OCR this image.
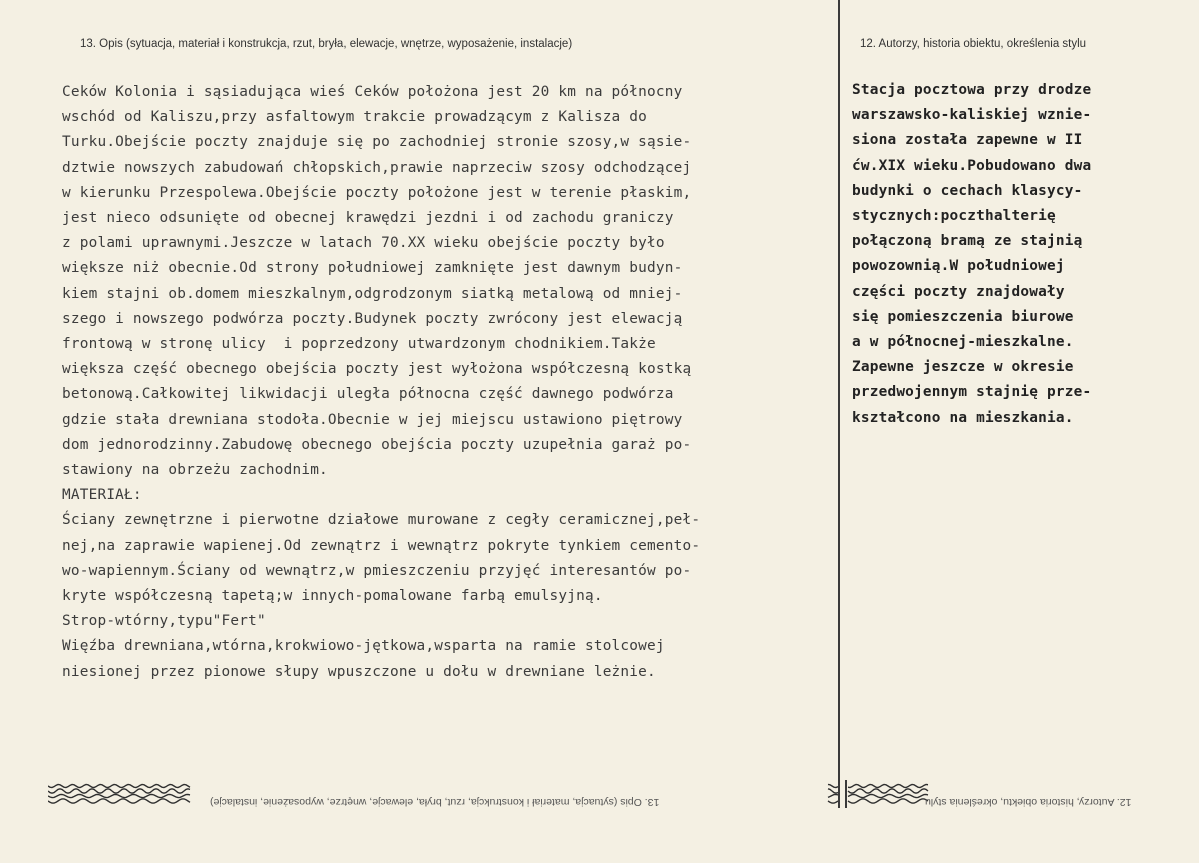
13. Opis (sytuacja, materiał i konstrukcja, rzut, bryła, elewacje, wnętrze, wyposażenie, instalacje)	12. Autorzy, historia obiektu, określenia stylu
Ceków Kolonia i sąsiadująca wieś Ceków położona jest 20 km na północny
wschód od Kaliszu,przy asfaltowym trakcie prowadzącym z Kalisza do
Turku.Obejście poczty znajduje się po zachodniej stronie szosy,w sąsie-
dztwie nowszych zabudowań chłopskich,prawie naprzeciw szosy odchodzącej
w kierunku Przespolewa.Obejście poczty położone jest w terenie płaskim,
jest nieco odsunięte od obecnej krawędzi jezdni i od zachodu graniczy
z polami uprawnymi.Jeszcze w latach 70.XX wieku obejście poczty było
większe niż obecnie.Od strony południowej zamknięte jest dawnym budyn-
kiem stajni ob.domem mieszkalnym,odgrodzonym siatką metalową od mniej-
szego i nowszego podwórza poczty.Budynek poczty zwrócony jest elewacją
frontową w stronę ulicy  i poprzedzony utwardzonym chodnikiem.Także
większa część obecnego obejścia poczty jest wyłożona współczesną kostką
betonową.Całkowitej likwidacji uległa północna część dawnego podwórza
gdzie stała drewniana stodoła.Obecnie w jej miejscu ustawiono piętrowy
dom jednorodzinny.Zabudowę obecnego obejścia poczty uzupełnia garaż po-
stawiony na obrzeżu zachodnim.
MATERIAŁ:
Ściany zewnętrzne i pierwotne działowe murowane z cegły ceramicznej,peł-
nej,na zaprawie wapienej.Od zewnątrz i wewnątrz pokryte tynkiem cemento-
wo-wapiennym.Ściany od wewnątrz,w pmieszczeniu przyjęć interesantów po-
kryte współczesną tapetą;w innych-pomalowane farbą emulsyjną.
Strop-wtórny,typu"Fert"
Więźba drewniana,wtórna,krokwiowo-jętkowa,wsparta na ramie stolcowej
niesionej przez pionowe słupy wpuszczone u dołu w drewniane leżnie.
Stacja pocztowa przy drodze
warszawsko-kaliskiej wznie-
siona została zapewne w II
ćw.XIX wieku.Pobudowano dwa
budynki o cechach klasycy-
stycznych:poczthalterię
połączoną bramą ze stajnią
powozownią.W południowej
części poczty znajdowały
się pomieszczenia biurowe
a w północnej-mieszkalne.
Zapewne jeszcze w okresie
przedwojennym stajnię prze-
kształcono na mieszkania.
13. Opis (sytuacja, materiał i konstrukcja, rzut, bryła, elewacje, wnętrze, wyposażenie, instalacje)	12. Autorzy, historia obiektu, określenia stylu
